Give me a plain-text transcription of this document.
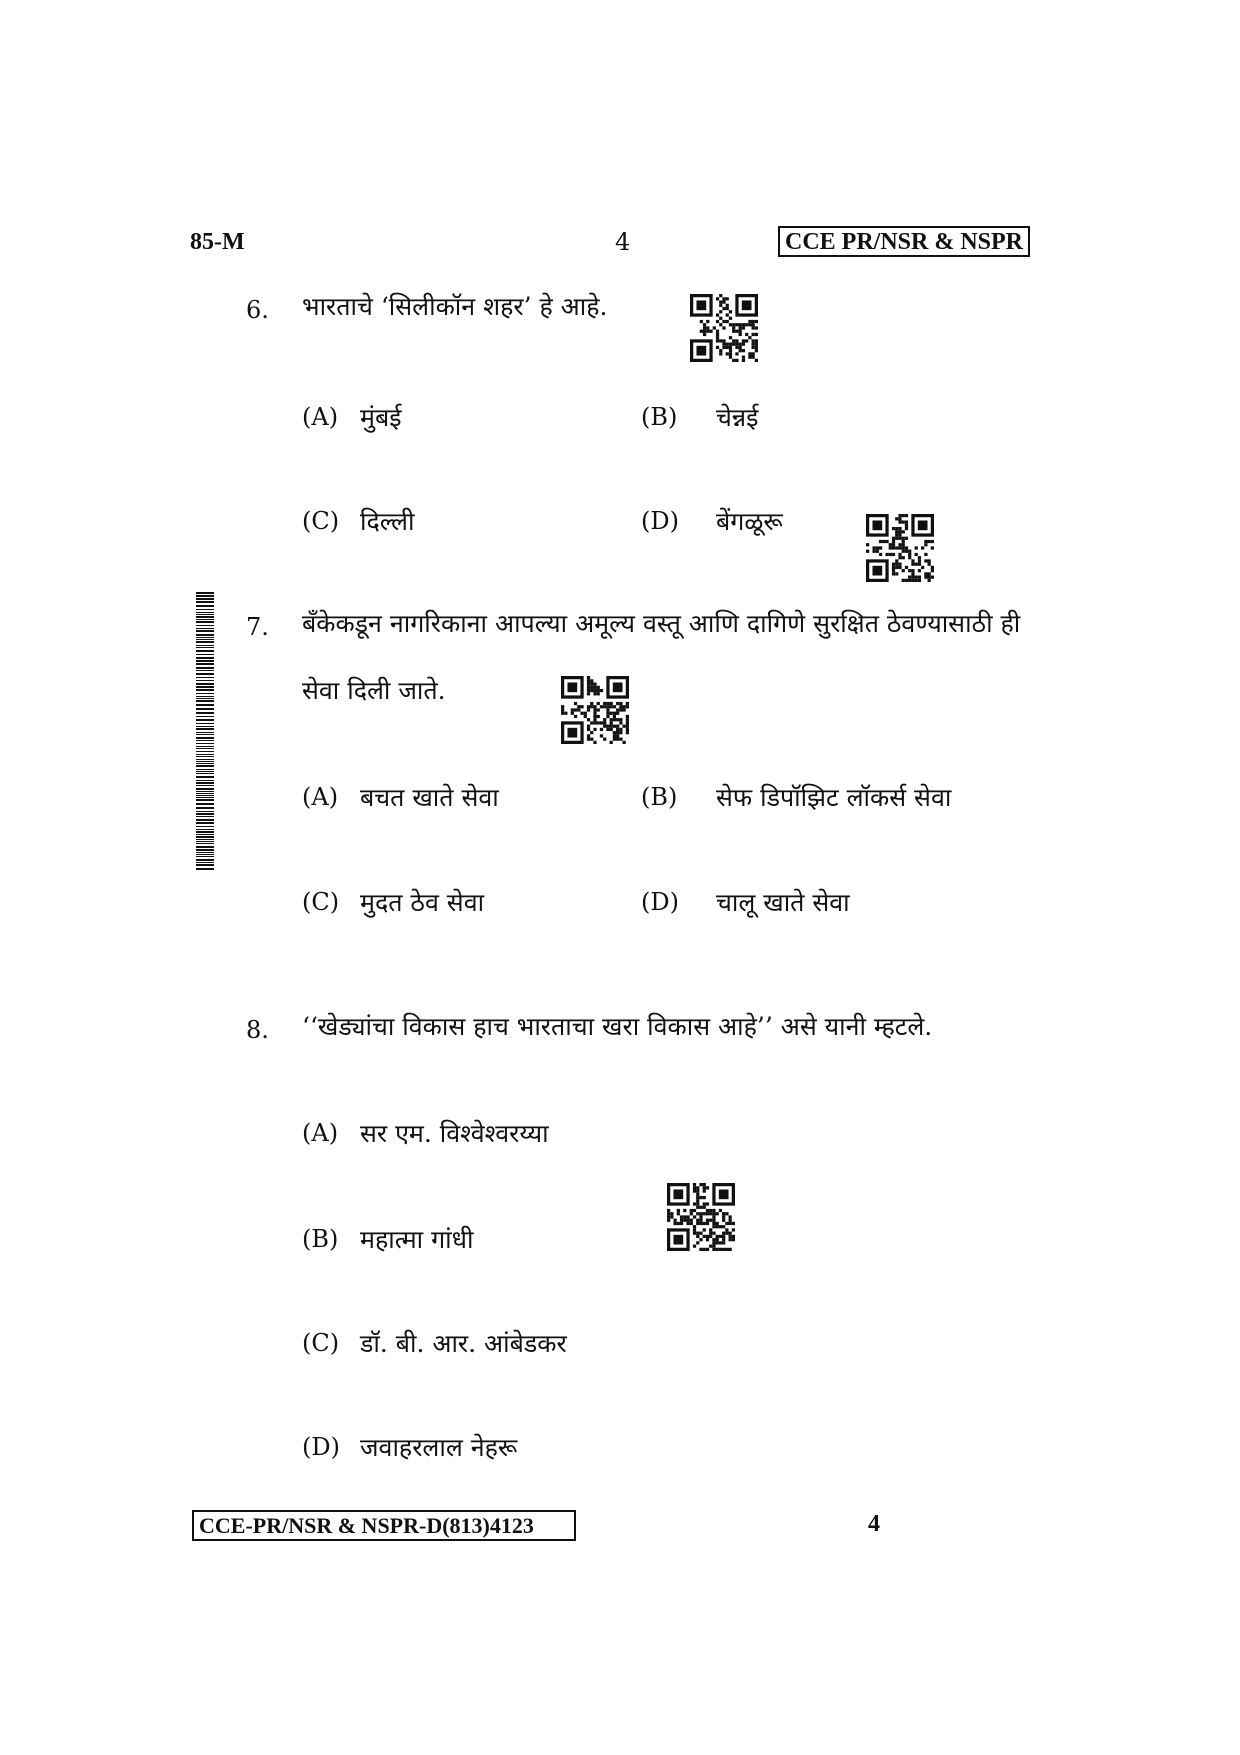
85-M	4	CCE PR/NSR & NSPR
6. भारताचे ‘सिलीकॉन शहर’ हे आहे.
(A) मुंबई	(B) चेन्नई
(C) दिल्ली	(D) बेंगळूरू
7. बँकेकडून नागरिकाना आपल्या अमूल्य वस्तू आणि दागिणे सुरक्षित ठेवण्यासाठी ही
सेवा दिली जाते.
(A) बचत खाते सेवा	(B) सेफ डिपॉझिट लॉकर्स सेवा
(C) मुदत ठेव सेवा	(D) चालू खाते सेवा
8. ‘‘खेड्यांचा विकास हाच भारताचा खरा विकास आहे’’ असे यानी म्हटले.
(A) सर एम. विश्वेश्वरय्या
(B) महात्मा गांधी
(C) डॉ. बी. आर. आंबेडकर
(D) जवाहरलाल नेहरू
CCE-PR/NSR & NSPR-D(813)4123	4
